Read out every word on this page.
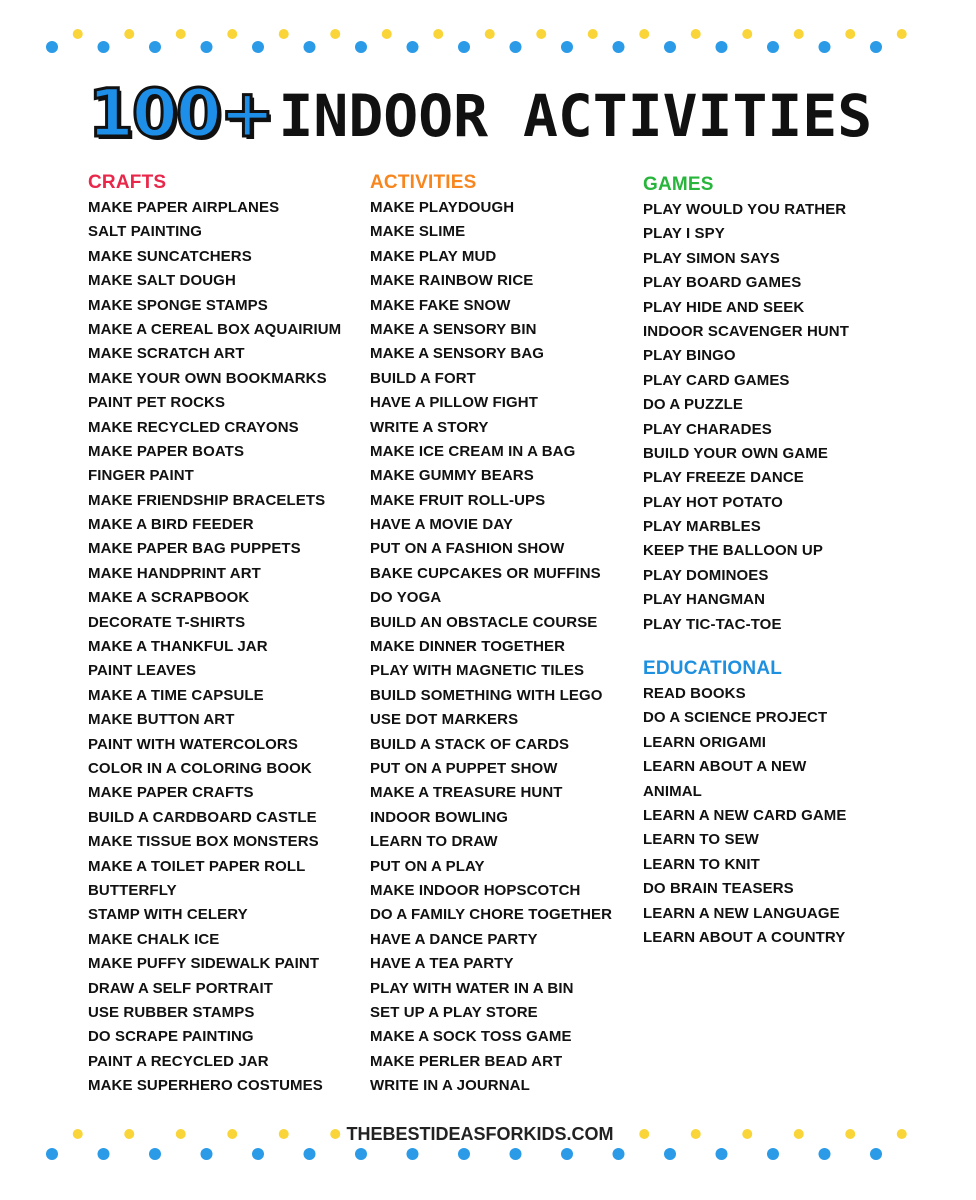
100+ INDOOR ACTIVITIES
CRAFTS
MAKE PAPER AIRPLANES
SALT PAINTING
MAKE SUNCATCHERS
MAKE SALT DOUGH
MAKE SPONGE STAMPS
MAKE A CEREAL BOX AQUAIRIUM
MAKE SCRATCH ART
MAKE YOUR OWN BOOKMARKS
PAINT PET ROCKS
MAKE RECYCLED CRAYONS
MAKE PAPER BOATS
FINGER PAINT
MAKE FRIENDSHIP BRACELETS
MAKE A BIRD FEEDER
MAKE PAPER BAG PUPPETS
MAKE HANDPRINT ART
MAKE A SCRAPBOOK
DECORATE T-SHIRTS
MAKE A THANKFUL JAR
PAINT LEAVES
MAKE A TIME CAPSULE
MAKE BUTTON ART
PAINT WITH WATERCOLORS
COLOR IN A COLORING BOOK
MAKE PAPER CRAFTS
BUILD A CARDBOARD CASTLE
MAKE TISSUE BOX MONSTERS
MAKE A TOILET PAPER ROLL
BUTTERFLY
STAMP WITH CELERY
MAKE CHALK ICE
MAKE PUFFY SIDEWALK PAINT
DRAW A SELF PORTRAIT
USE RUBBER STAMPS
DO SCRAPE PAINTING
PAINT A RECYCLED JAR
MAKE SUPERHERO COSTUMES
ACTIVITIES
MAKE PLAYDOUGH
MAKE SLIME
MAKE PLAY MUD
MAKE RAINBOW RICE
MAKE FAKE SNOW
MAKE A SENSORY BIN
MAKE A SENSORY BAG
BUILD A FORT
HAVE A PILLOW FIGHT
WRITE A STORY
MAKE ICE CREAM IN A BAG
MAKE GUMMY BEARS
MAKE FRUIT ROLL-UPS
HAVE A MOVIE DAY
PUT ON A FASHION SHOW
BAKE CUPCAKES OR MUFFINS
DO YOGA
BUILD AN OBSTACLE COURSE
MAKE DINNER TOGETHER
PLAY WITH MAGNETIC TILES
BUILD SOMETHING WITH LEGO
USE DOT MARKERS
BUILD A STACK OF CARDS
PUT ON A PUPPET SHOW
MAKE A TREASURE HUNT
INDOOR BOWLING
LEARN TO DRAW
PUT ON A PLAY
MAKE INDOOR HOPSCOTCH
DO A FAMILY CHORE TOGETHER
HAVE A DANCE PARTY
HAVE A TEA PARTY
PLAY WITH WATER IN A BIN
SET UP A PLAY STORE
MAKE A SOCK TOSS GAME
MAKE PERLER BEAD ART
WRITE IN A JOURNAL
GAMES
PLAY WOULD YOU RATHER
PLAY I SPY
PLAY SIMON SAYS
PLAY BOARD GAMES
PLAY HIDE AND SEEK
INDOOR SCAVENGER HUNT
PLAY BINGO
PLAY CARD GAMES
DO A PUZZLE
PLAY CHARADES
BUILD YOUR OWN GAME
PLAY FREEZE DANCE
PLAY HOT POTATO
PLAY MARBLES
KEEP THE BALLOON UP
PLAY DOMINOES
PLAY HANGMAN
PLAY TIC-TAC-TOE
EDUCATIONAL
READ BOOKS
DO A SCIENCE PROJECT
LEARN ORIGAMI
LEARN ABOUT A NEW
ANIMAL
LEARN A NEW CARD GAME
LEARN TO SEW
LEARN TO KNIT
DO BRAIN TEASERS
LEARN A NEW LANGUAGE
LEARN ABOUT A COUNTRY
THEBESTIDEASFORKIDS.COM
